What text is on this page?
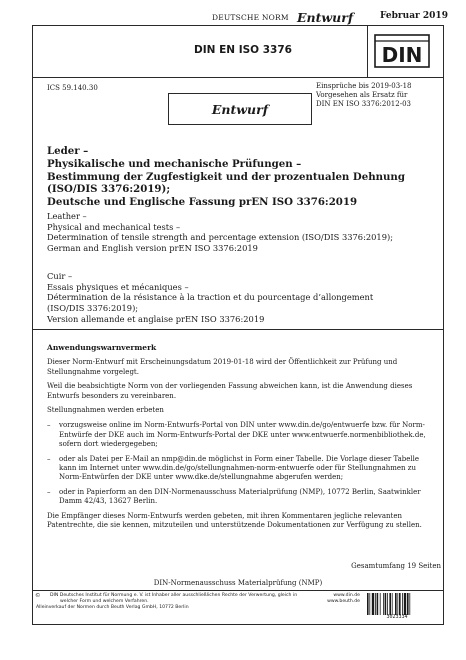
DEUTSCHE NORM Entwurf	Februar 2019
DIN EN ISO 3376	DIN
ICS 59.140.30
Entwurf
Einsprüche bis 2019-03-18
Vorgesehen als Ersatz für
DIN EN ISO 3376:2012-03
Leder –
Physikalische und mechanische Prüfungen –
Bestimmung der Zugfestigkeit und der prozentualen Dehnung
(ISO/DIS 3376:2019);
Deutsche und Englische Fassung prEN ISO 3376:2019
Leather –
Physical and mechanical tests –
Determination of tensile strength and percentage extension (ISO/DIS 3376:2019);
German and English version prEN ISO 3376:2019
Cuir –
Essais physiques et mécaniques –
Détermination de la résistance à la traction et du pourcentage d’allongement
(ISO/DIS 3376:2019);
Version allemande et anglaise prEN ISO 3376:2019
Anwendungswarnvermerk

Dieser Norm-Entwurf mit Erscheinungsdatum 2019-01-18 wird der Öffentlichkeit zur Prüfung und Stellungnahme vorgelegt.

Weil die beabsichtigte Norm von der vorliegenden Fassung abweichen kann, ist die Anwendung dieses Entwurfs besonders zu vereinbaren.

Stellungnahmen werden erbeten

– vorzugsweise online im Norm-Entwurfs-Portal von DIN unter www.din.de/go/entwuerfe bzw. für Norm-Entwürfe der DKE auch im Norm-Entwurfs-Portal der DKE unter www.entwuerfe.normenbibliothek.de, sofern dort wiedergegeben;
– oder als Datei per E-Mail an nmp@din.de möglichst in Form einer Tabelle. Die Vorlage dieser Tabelle kann im Internet unter www.din.de/go/stellungnahmen-norm-entwuerfe oder für Stellungnahmen zu Norm-Entwürfen der DKE unter www.dke.de/stellungnahme abgerufen werden;
– oder in Papierform an den DIN-Normenausschuss Materialprüfung (NMP), 10772 Berlin, Saatwinkler Damm 42/43, 13627 Berlin.

Die Empfänger dieses Norm-Entwurfs werden gebeten, mit ihren Kommentaren jegliche relevanten Patentrechte, die sie kennen, mitzuteilen und unterstützende Dokumentationen zur Verfügung zu stellen.

Gesamtumfang 19 Seiten
DIN-Normenausschuss Materialprüfung (NMP)
© DIN Deutsches Institut für Normung e. V. ist Inhaber aller ausschließlichen Rechte der Verwertung, gleich in
welcher Form und welchem Verfahren.
Alleinverkauf der Normen durch Beuth Verlag GmbH, 10772 Berlin
www.din.de
www.beuth.de
3023334
